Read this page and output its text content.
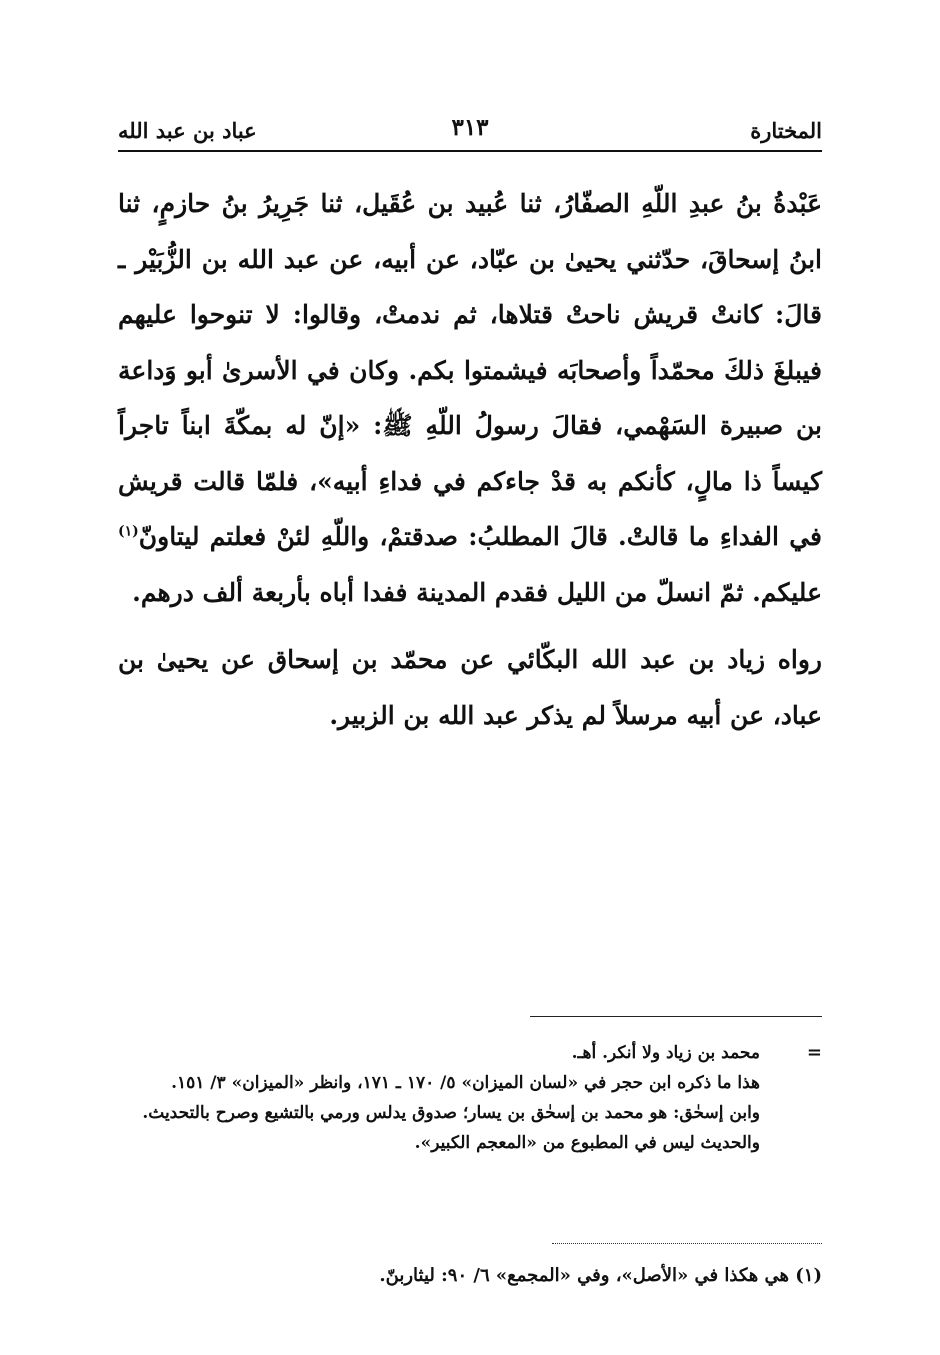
المختارة
٣١٣
عباد بن عبد الله

عَبْدةُ بنُ عبدِ اللّهِ الصفّارُ، ثنا عُبيد بن عُقَيل، ثنا جَرِيرُ بنُ حازمٍ، ثنا ابنُ إسحاقَ، حدّثني يحيىٰ بن عبّاد، عن أبيه، عن عبد الله بن الزُّبَيْر ـ قالَ: كانتْ قريش ناحتْ قتلاها، ثم ندمتْ، وقالوا: لا تنوحوا عليهم فيبلغَ ذلكَ محمّداً وأصحابَه فيشمتوا بكم. وكان في الأسرىٰ أبو وَداعة بن صبيرة السَهْمي، فقالَ رسولُ اللّهِ ﷺ: «إنّ له بمكّةَ ابناً تاجراً كيساً ذا مالٍ، كأنكم به قدْ جاءكم في فداءِ أبيه»، فلمّا قالت قريش في الفداءِ ما قالتْ. قالَ المطلبُ: صدقتمْ، واللّهِ لئنْ فعلتم ليتاونّ$^{(١)}$ عليكم. ثمّ انسلّ من الليل فقدم المدينة ففدا أباه بأربعة ألف درهم.

رواه زياد بن عبد الله البكّائي عن محمّد بن إسحاق عن يحيىٰ بن عباد، عن أبيه مرسلاً لم يذكر عبد الله بن الزبير.

=
محمد بن زياد ولا أنكر. أهـ.
هذا ما ذكره ابن حجر في «لسان الميزان» ٥/ ١٧٠ ـ ١٧١، وانظر «الميزان» ٣/ ١٥١.
وابن إسحٰق: هو محمد بن إسحٰق بن يسار؛ صدوق يدلس ورمي بالتشيع وصرح بالتحديث.
والحديث ليس في المطبوع من «المعجم الكبير».
(١) هي هكذا في «الأصل»، وفي «المجمع» ٦/ ٩٠: ليثاربنّ.
